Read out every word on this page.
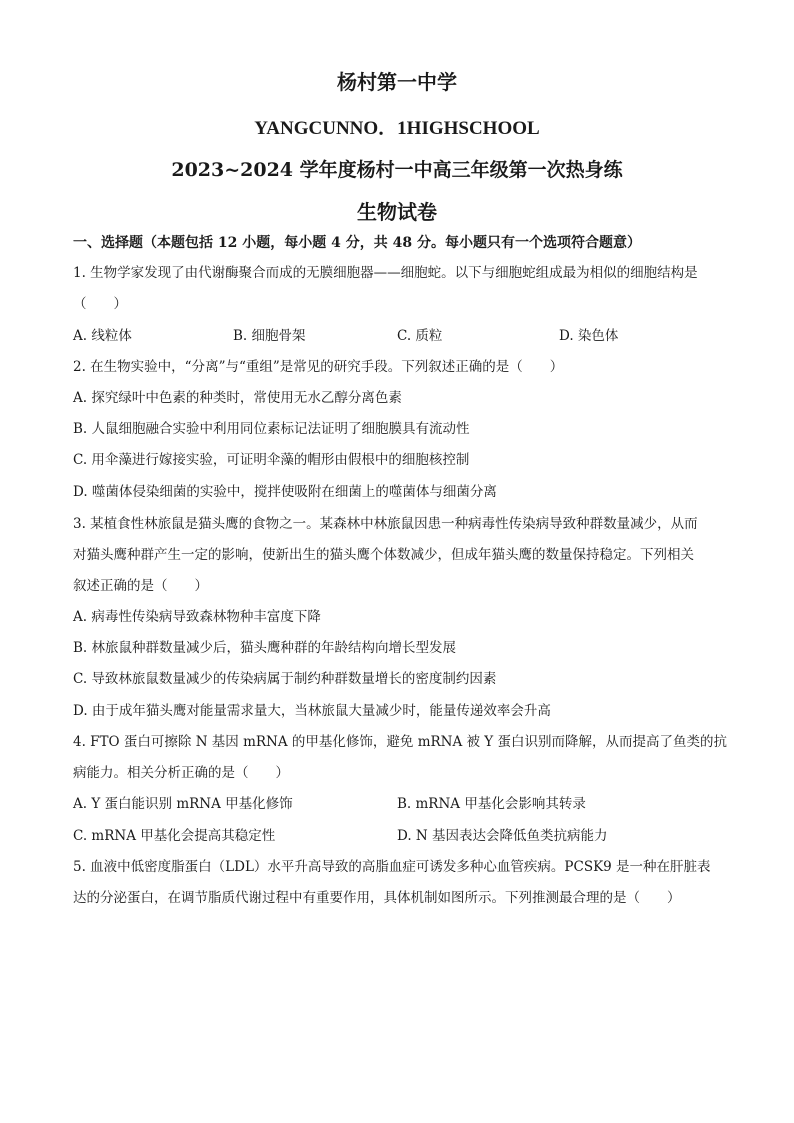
杨村第一中学
YANGCUNNO．1HIGHSCHOOL
2023~2024 学年度杨村一中高三年级第一次热身练
生物试卷
一、选择题（本题包括 12 小题，每小题 4 分，共 48 分。每小题只有一个选项符合题意）
1. 生物学家发现了由代谢酶聚合而成的无膜细胞器——细胞蛇。以下与细胞蛇组成最为相似的细胞结构是
（　　）
A. 线粒体	B. 细胞骨架	C. 质粒	D. 染色体
2. 在生物实验中，“分离”与“重组”是常见的研究手段。下列叙述正确的是（　　）
A. 探究绿叶中色素的种类时，常使用无水乙醇分离色素
B. 人鼠细胞融合实验中利用同位素标记法证明了细胞膜具有流动性
C. 用伞藻进行嫁接实验，可证明伞藻的帽形由假根中的细胞核控制
D. 噬菌体侵染细菌的实验中，搅拌使吸附在细菌上的噬菌体与细菌分离
3. 某植食性林旅鼠是猫头鹰的食物之一。某森林中林旅鼠因患一种病毒性传染病导致种群数量减少，从而
对猫头鹰种群产生一定的影响，使新出生的猫头鹰个体数减少，但成年猫头鹰的数量保持稳定。下列相关
叙述正确的是（　　）
A. 病毒性传染病导致森林物种丰富度下降
B. 林旅鼠种群数量减少后，猫头鹰种群的年龄结构向增长型发展
C. 导致林旅鼠数量减少的传染病属于制约种群数量增长的密度制约因素
D. 由于成年猫头鹰对能量需求量大，当林旅鼠大量减少时，能量传递效率会升高
4. FTO 蛋白可擦除 N 基因 mRNA 的甲基化修饰，避免 mRNA 被 Y 蛋白识别而降解，从而提高了鱼类的抗
病能力。相关分析正确的是（　　）
A. Y 蛋白能识别 mRNA 甲基化修饰	B. mRNA 甲基化会影响其转录
C. mRNA 甲基化会提高其稳定性	D. N 基因表达会降低鱼类抗病能力
5. 血液中低密度脂蛋白（LDL）水平升高导致的高脂血症可诱发多种心血管疾病。PCSK9 是一种在肝脏表
达的分泌蛋白，在调节脂质代谢过程中有重要作用，具体机制如图所示。下列推测最合理的是（　　）
